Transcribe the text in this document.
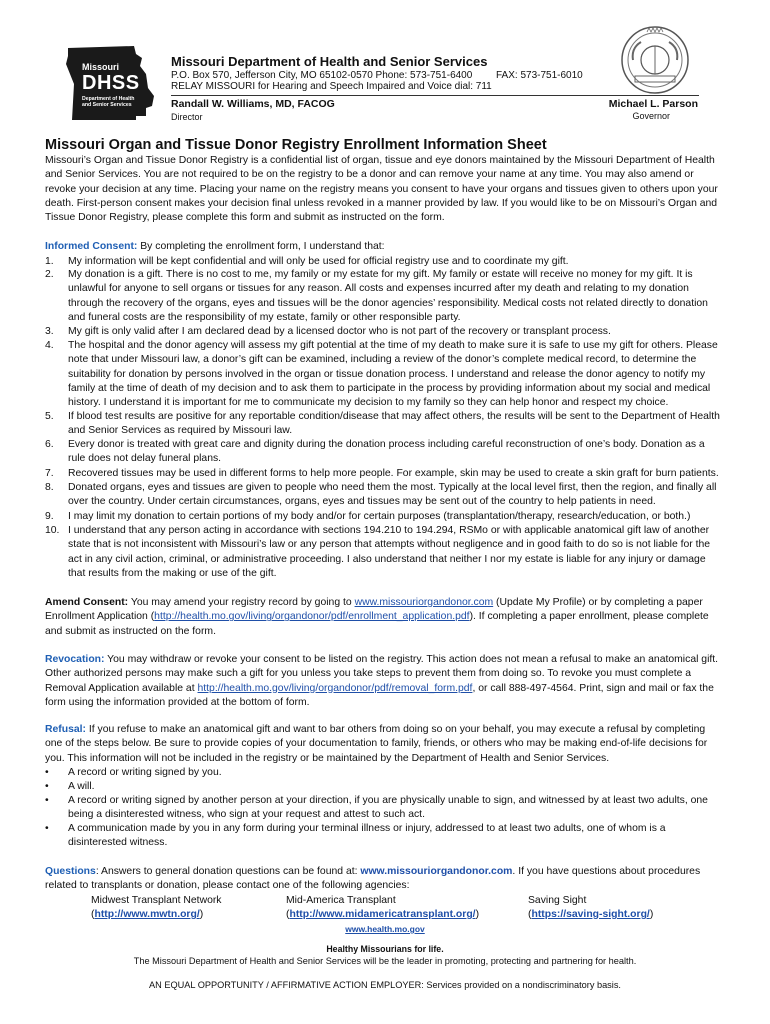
Missouri
DHSS
Department of Health and Senior Services
Missouri Department of Health and Senior Services
P.O. Box 570, Jefferson City, MO 65102-0570 Phone: 573-751-6400 FAX: 573-751-6010
RELAY MISSOURI for Hearing and Speech Impaired and Voice dial: 711
Randall W. Williams, MD, FACOG
Director
Michael L. Parson
Governor
Missouri Organ and Tissue Donor Registry Enrollment Information Sheet

Missouri’s Organ and Tissue Donor Registry is a confidential list of organ, tissue and eye donors maintained by the Missouri Department of Health and Senior Services. You are not required to be on the registry to be a donor and can remove your name at any time. You may also amend or revoke your decision at any time. Placing your name on the registry means you consent to have your organs and tissues given to others upon your death. First-person consent makes your decision final unless revoked in a manner provided by law. If you would like to be on Missouri’s Organ and Tissue Donor Registry, please complete this form and submit as instructed on the form.

Informed Consent: By completing the enrollment form, I understand that:

1. My information will be kept confidential and will only be used for official registry use and to coordinate my gift.

2. My donation is a gift. There is no cost to me, my family or my estate for my gift. My family or estate will receive no money for my gift. It is unlawful for anyone to sell organs or tissues for any reason. All costs and expenses incurred after my death and relating to my donation through the recovery of the organs, eyes and tissues will be the donor agencies’ responsibility. Medical costs not related directly to donation and funeral costs are the responsibility of my estate, family or other responsible party.

3. My gift is only valid after I am declared dead by a licensed doctor who is not part of the recovery or transplant process.

4. The hospital and the donor agency will assess my gift potential at the time of my death to make sure it is safe to use my gift for others. Please note that under Missouri law, a donor’s gift can be examined, including a review of the donor’s complete medical record, to determine the suitability for donation by persons involved in the organ or tissue donation process. I understand and release the donor agency to notify my family at the time of death of my decision and to ask them to participate in the process by providing information about my social and medical history. I understand it is important for me to communicate my decision to my family so they can help honor and respect my choice.

5. If blood test results are positive for any reportable condition/disease that may affect others, the results will be sent to the Department of Health and Senior Services as required by Missouri law.

6. Every donor is treated with great care and dignity during the donation process including careful reconstruction of one’s body. Donation as a rule does not delay funeral plans.

7. Recovered tissues may be used in different forms to help more people. For example, skin may be used to create a skin graft for burn patients.

8. Donated organs, eyes and tissues are given to people who need them the most. Typically at the local level first, then the region, and finally all over the country. Under certain circumstances, organs, eyes and tissues may be sent out of the country to help patients in need.

9. I may limit my donation to certain portions of my body and/or for certain purposes (transplantation/therapy, research/education, or both.)

10. I understand that any person acting in accordance with sections 194.210 to 194.294, RSMo or with applicable anatomical gift law of another state that is not inconsistent with Missouri’s law or any person that attempts without negligence and in good faith to do so is not liable for the act in any civil action, criminal, or administrative proceeding. I also understand that neither I nor my estate is liable for any injury or damage that results from the making or use of the gift.

Amend Consent: You may amend your registry record by going to www.missouriorgandonor.com (Update My Profile) or by completing a paper Enrollment Application (http://health.mo.gov/living/organdonor/pdf/enrollment_application.pdf). If completing a paper enrollment, please complete and submit as instructed on the form.

Revocation: You may withdraw or revoke your consent to be listed on the registry. This action does not mean a refusal to make an anatomical gift. Other authorized persons may make such a gift for you unless you take steps to prevent them from doing so. To revoke you must complete a Removal Application available at http://health.mo.gov/living/organdonor/pdf/removal_form.pdf, or call 888-497-4564. Print, sign and mail or fax the form using the information provided at the bottom of form.

Refusal: If you refuse to make an anatomical gift and want to bar others from doing so on your behalf, you may execute a refusal by completing one of the steps below. Be sure to provide copies of your documentation to family, friends, or others who may be making end-of-life decisions for you. This information will not be included in the registry or be maintained by the Department of Health and Senior Services.

• A record or writing signed by you.

• A will.

• A record or writing signed by another person at your direction, if you are physically unable to sign, and witnessed by at least two adults, one being a disinterested witness, who sign at your request and attest to such act.

• A communication made by you in any form during your terminal illness or injury, addressed to at least two adults, one of whom is a disinterested witness.

Questions: Answers to general donation questions can be found at: www.missouriorgandonor.com. If you have questions about procedures related to transplants or donation, please contact one of the following agencies:

Midwest Transplant Network
(http://www.mwtn.org/)
Mid-America Transplant
(http://www.midamericatransplant.org/)
Saving Sight
(https://saving-sight.org/)
www.health.mo.gov
Healthy Missourians for life.
The Missouri Department of Health and Senior Services will be the leader in promoting, protecting and partnering for health.
AN EQUAL OPPORTUNITY / AFFIRMATIVE ACTION EMPLOYER: Services provided on a nondiscriminatory basis.
